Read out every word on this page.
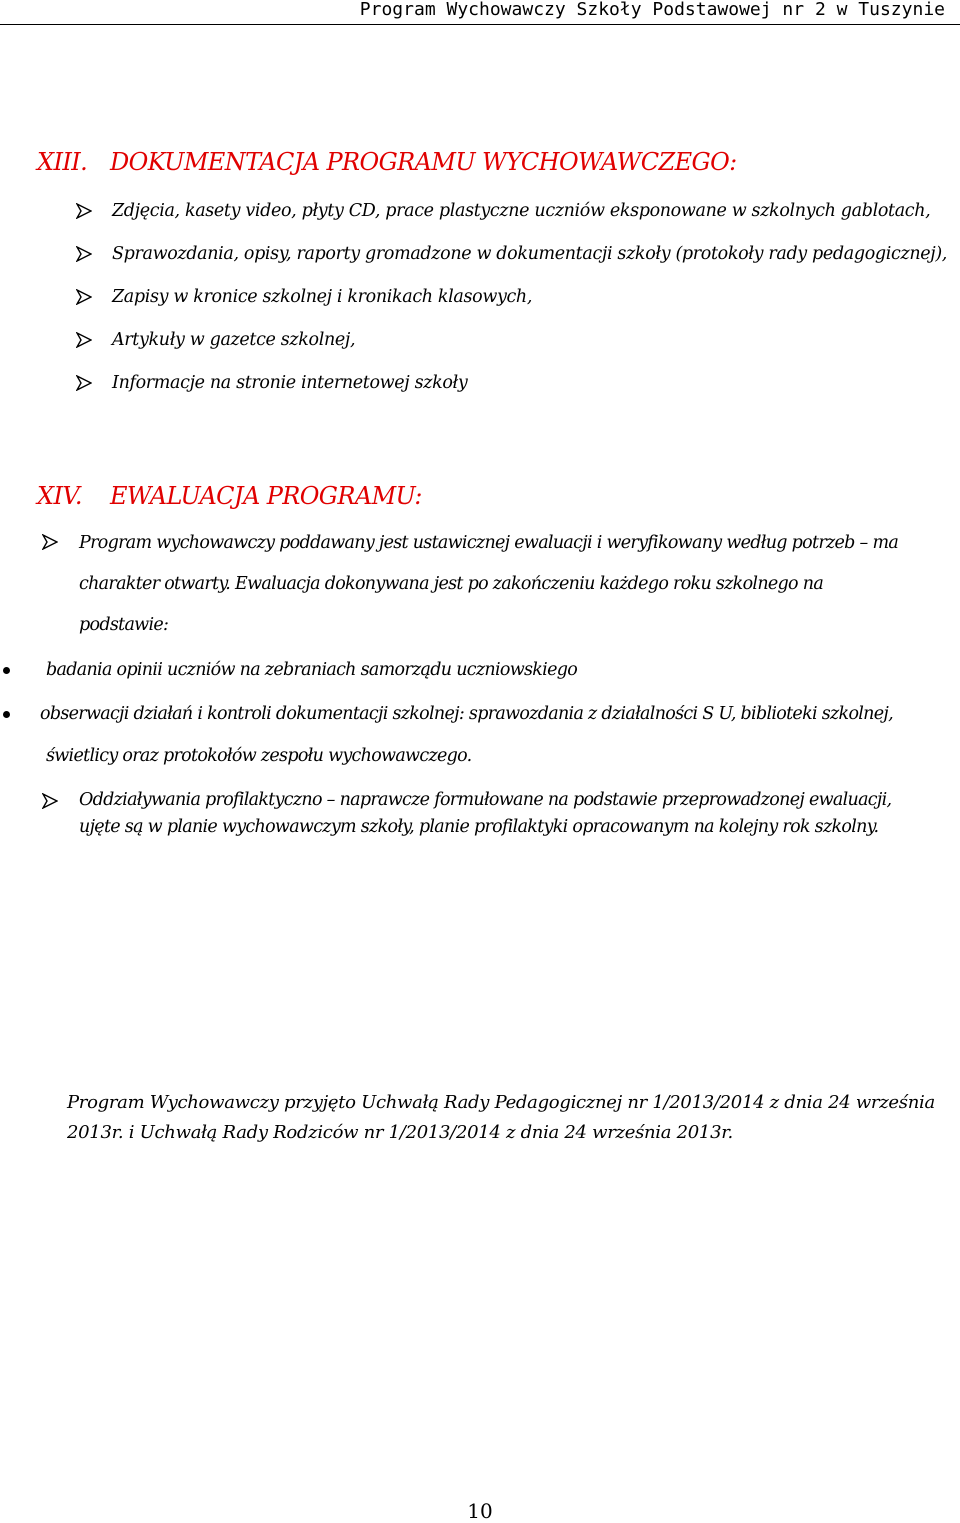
Program Wychowawczy Szkoły Podstawowej nr 2 w Tuszynie
XIII. DOKUMENTACJA PROGRAMU WYCHOWAWCZEGO:
Zdjęcia, kasety video, płyty CD, prace plastyczne uczniów eksponowane w szkolnych gablotach,
Sprawozdania, opisy, raporty gromadzone w dokumentacji szkoły (protokoły rady pedagogicznej),
Zapisy w kronice szkolnej i kronikach klasowych,
Artykuły w gazetce szkolnej,
Informacje na stronie internetowej szkoły
XIV. EWALUACJA PROGRAMU:
Program wychowawczy poddawany jest ustawicznej ewaluacji i weryfikowany według potrzeb – ma
charakter otwarty. Ewaluacja dokonywana jest po zakończeniu każdego roku szkolnego na
podstawie:
badania opinii uczniów na zebraniach samorządu uczniowskiego
obserwacji działań i kontroli dokumentacji szkolnej: sprawozdania z działalności S U, biblioteki szkolnej,
świetlicy oraz protokołów zespołu wychowawczego.
Oddziaływania profilaktyczno – naprawcze formułowane na podstawie przeprowadzonej ewaluacji,
ujęte są w planie wychowawczym szkoły, planie profilaktyki opracowanym na kolejny rok szkolny.
Program Wychowawczy przyjęto Uchwałą Rady Pedagogicznej nr 1/2013/2014 z dnia 24 września
2013r. i Uchwałą Rady Rodziców nr 1/2013/2014 z dnia 24 września 2013r.
10
